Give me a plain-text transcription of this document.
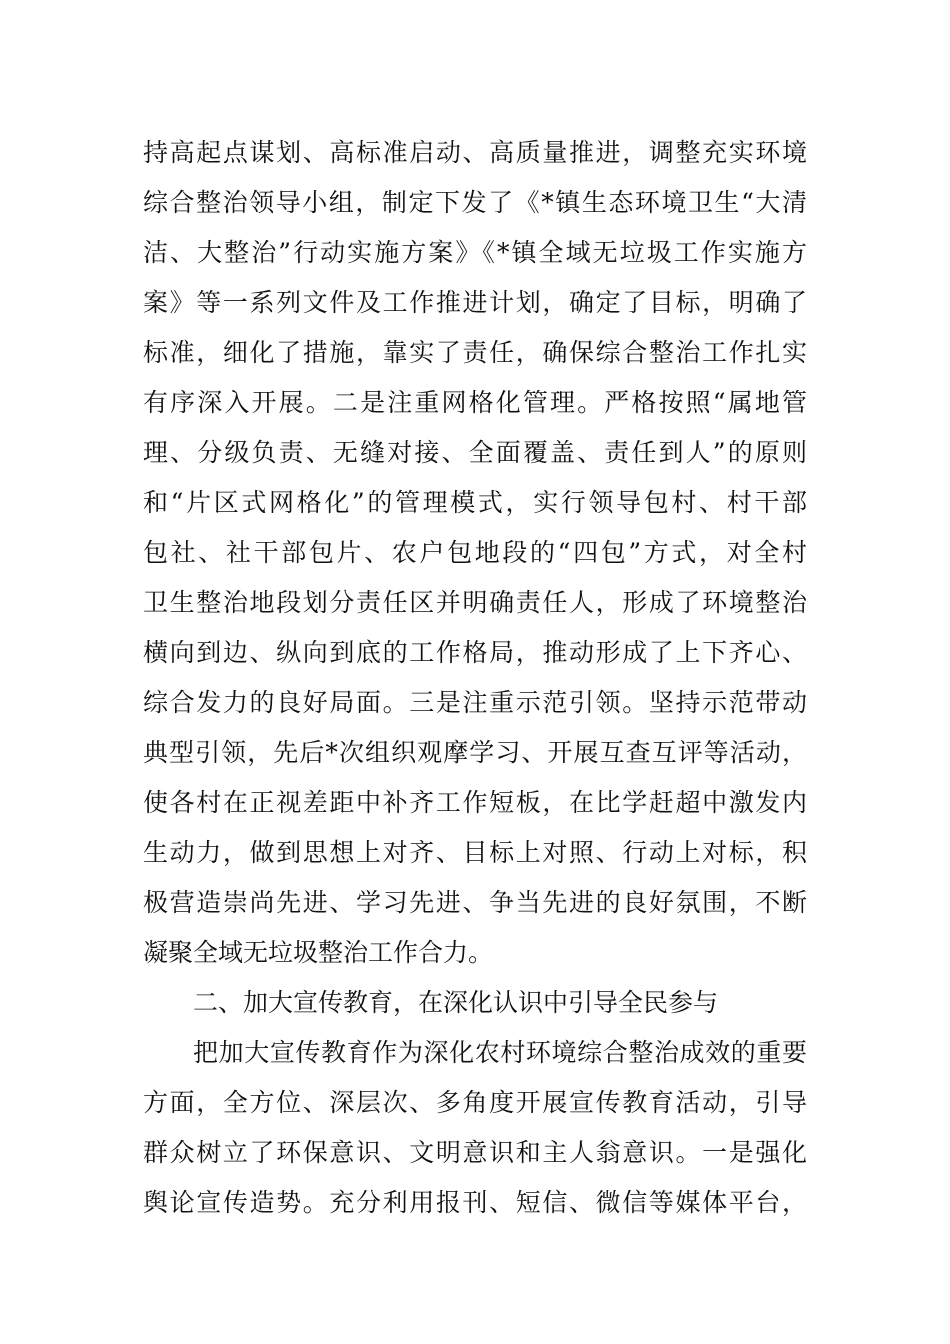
持高起点谋划、高标准启动、高质量推进，调整充实环境
综合整治领导小组，制定下发了《*镇生态环境卫生“大清
洁、大整治”行动实施方案》《*镇全域无垃圾工作实施方
案》等一系列文件及工作推进计划，确定了目标，明确了
标准，细化了措施，靠实了责任，确保综合整治工作扎实
有序深入开展。二是注重网格化管理。严格按照“属地管
理、分级负责、无缝对接、全面覆盖、责任到人”的原则
和“片区式网格化”的管理模式，实行领导包村、村干部
包社、社干部包片、农户包地段的“四包”方式，对全村
卫生整治地段划分责任区并明确责任人，形成了环境整治
横向到边、纵向到底的工作格局，推动形成了上下齐心、
综合发力的良好局面。三是注重示范引领。坚持示范带动
典型引领，先后*次组织观摩学习、开展互查互评等活动，
使各村在正视差距中补齐工作短板，在比学赶超中激发内
生动力，做到思想上对齐、目标上对照、行动上对标，积
极营造崇尚先进、学习先进、争当先进的良好氛围，不断
凝聚全域无垃圾整治工作合力。
二、加大宣传教育，在深化认识中引导全民参与
把加大宣传教育作为深化农村环境综合整治成效的重要
方面，全方位、深层次、多角度开展宣传教育活动，引导
群众树立了环保意识、文明意识和主人翁意识。一是强化
舆论宣传造势。充分利用报刊、短信、微信等媒体平台，
